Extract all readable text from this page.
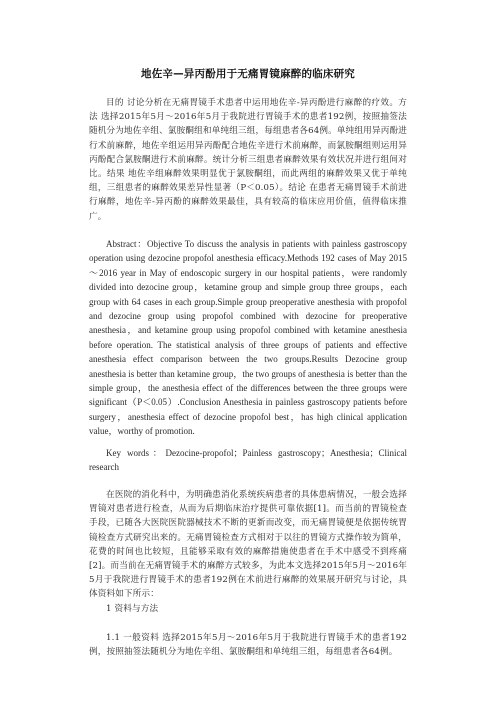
地佐辛—异丙酚用于无痛胃镜麻醉的临床研究

目的 讨论分析在无痛胃镜手术患者中运用地佐辛-异丙酚进行麻醉的疗效。方法 选择2015年5月～2016年5月于我院进行胃镜手术的患者192例，按照抽签法随机分为地佐辛组、氯胺酮组和单纯组三组，每组患者各64例。单纯组用异丙酚进行术前麻醉，地佐辛组运用异丙酚配合地佐辛进行术前麻醉，而氯胺酮组则运用异丙酚配合氯胺酮进行术前麻醉。统计分析三组患者麻醉效果有效状况并进行组间对比。结果 地佐辛组麻醉效果明显优于氯胺酮组，而此两组的麻醉效果又优于单纯组，三组患者的麻醉效果差异性显著（P＜0.05）。结论 在患者无痛胃镜手术前进行麻醉，地佐辛-异丙酚的麻醉效果最佳，具有较高的临床应用价值，值得临床推广。

Abstract：Objective To discuss the analysis in patients with painless gastroscopy operation using dezocine propofol anesthesia efficacy.Methods 192 cases of May 2015～2016 year in May of endoscopic surgery in our hospital patients，were randomly divided into dezocine group，ketamine group and simple group three groups，each group with 64 cases in each group.Simple group preoperative anesthesia with propofol and dezocine group using propofol combined with dezocine for preoperative anesthesia，and ketamine group using propofol combined with ketamine anesthesia before operation. The statistical analysis of three groups of patients and effective anesthesia effect comparison between the two groups.Results Dezocine group anesthesia is better than ketamine group，the two groups of anesthesia is better than the simple group，the anesthesia effect of the differences between the three groups were significant（P＜0.05）.Conclusion Anesthesia in painless gastroscopy patients before surgery，anesthesia effect of dezocine propofol best，has high clinical application value，worthy of promotion.

Key words：Dezocine-propofol；Painless gastroscopy；Anesthesia；Clinical research

在医院的消化科中，为明确患消化系统疾病患者的具体患病情况，一般会选择胃镜对患者进行检查，从而为后期临床治疗提供可靠依据[1]。而当前的胃镜检查手段，已随各大医院医院器械技术不断的更新而改变，而无痛胃镜便是依据传统胃镜检查方式研究出来的。无痛胃镜检查方式相对于以往的胃镜方式操作较为简单，花费的时间也比较短，且能够采取有效的麻醉措施使患者在手术中感受不到疼痛[2]。而当前在无痛胃镜手术的麻醉方式较多，为此本文选择2015年5月～2016年5月于我院进行胃镜手术的患者192例在术前进行麻醉的效果展开研究与讨论，具体资料如下所示：

1 资料与方法

1.1 一般资料 选择2015年5月～2016年5月于我院进行胃镜手术的患者192例，按照抽签法随机分为地佐辛组、氯胺酮组和单纯组三组，每组患者各64例。
